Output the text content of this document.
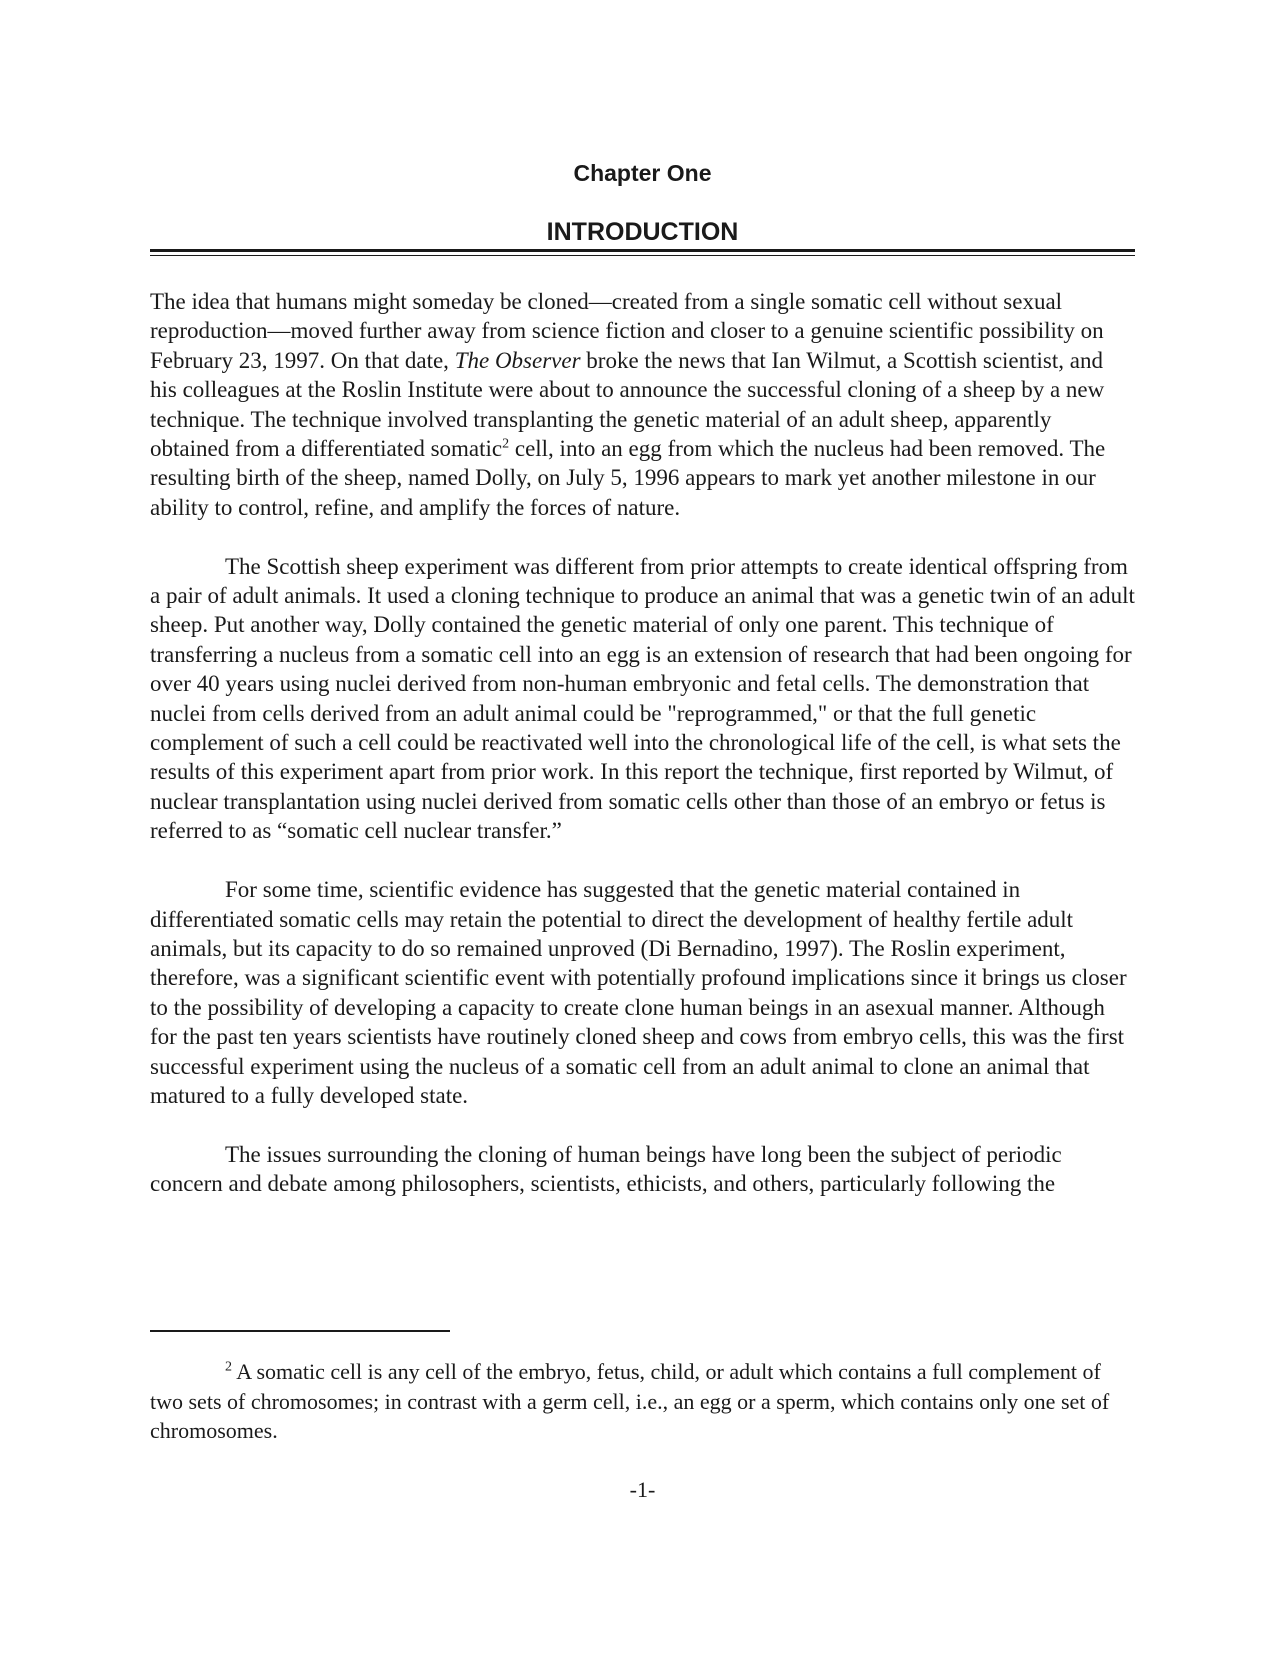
Chapter One
INTRODUCTION

The idea that humans might someday be cloned—created from a single somatic cell without sexual reproduction—moved further away from science fiction and closer to a genuine scientific possibility on February 23, 1997. On that date, The Observer broke the news that Ian Wilmut, a Scottish scientist, and his colleagues at the Roslin Institute were about to announce the successful cloning of a sheep by a new technique. The technique involved transplanting the genetic material of an adult sheep, apparently obtained from a differentiated somatic$^2$ cell, into an egg from which the nucleus had been removed. The resulting birth of the sheep, named Dolly, on July 5, 1996 appears to mark yet another milestone in our ability to control, refine, and amplify the forces of nature.

The Scottish sheep experiment was different from prior attempts to create identical offspring from a pair of adult animals. It used a cloning technique to produce an animal that was a genetic twin of an adult sheep. Put another way, Dolly contained the genetic material of only one parent. This technique of transferring a nucleus from a somatic cell into an egg is an extension of research that had been ongoing for over 40 years using nuclei derived from non-human embryonic and fetal cells. The demonstration that nuclei from cells derived from an adult animal could be "reprogrammed," or that the full genetic complement of such a cell could be reactivated well into the chronological life of the cell, is what sets the results of this experiment apart from prior work. In this report the technique, first reported by Wilmut, of nuclear transplantation using nuclei derived from somatic cells other than those of an embryo or fetus is referred to as “somatic cell nuclear transfer.”

For some time, scientific evidence has suggested that the genetic material contained in differentiated somatic cells may retain the potential to direct the development of healthy fertile adult animals, but its capacity to do so remained unproved (Di Bernadino, 1997). The Roslin experiment, therefore, was a significant scientific event with potentially profound implications since it brings us closer to the possibility of developing a capacity to create clone human beings in an asexual manner. Although for the past ten years scientists have routinely cloned sheep and cows from embryo cells, this was the first successful experiment using the nucleus of a somatic cell from an adult animal to clone an animal that matured to a fully developed state.

The issues surrounding the cloning of human beings have long been the subject of periodic concern and debate among philosophers, scientists, ethicists, and others, particularly following the

$^2$ A somatic cell is any cell of the embryo, fetus, child, or adult which contains a full complement of two sets of chromosomes; in contrast with a germ cell, i.e., an egg or a sperm, which contains only one set of chromosomes.

-1-
